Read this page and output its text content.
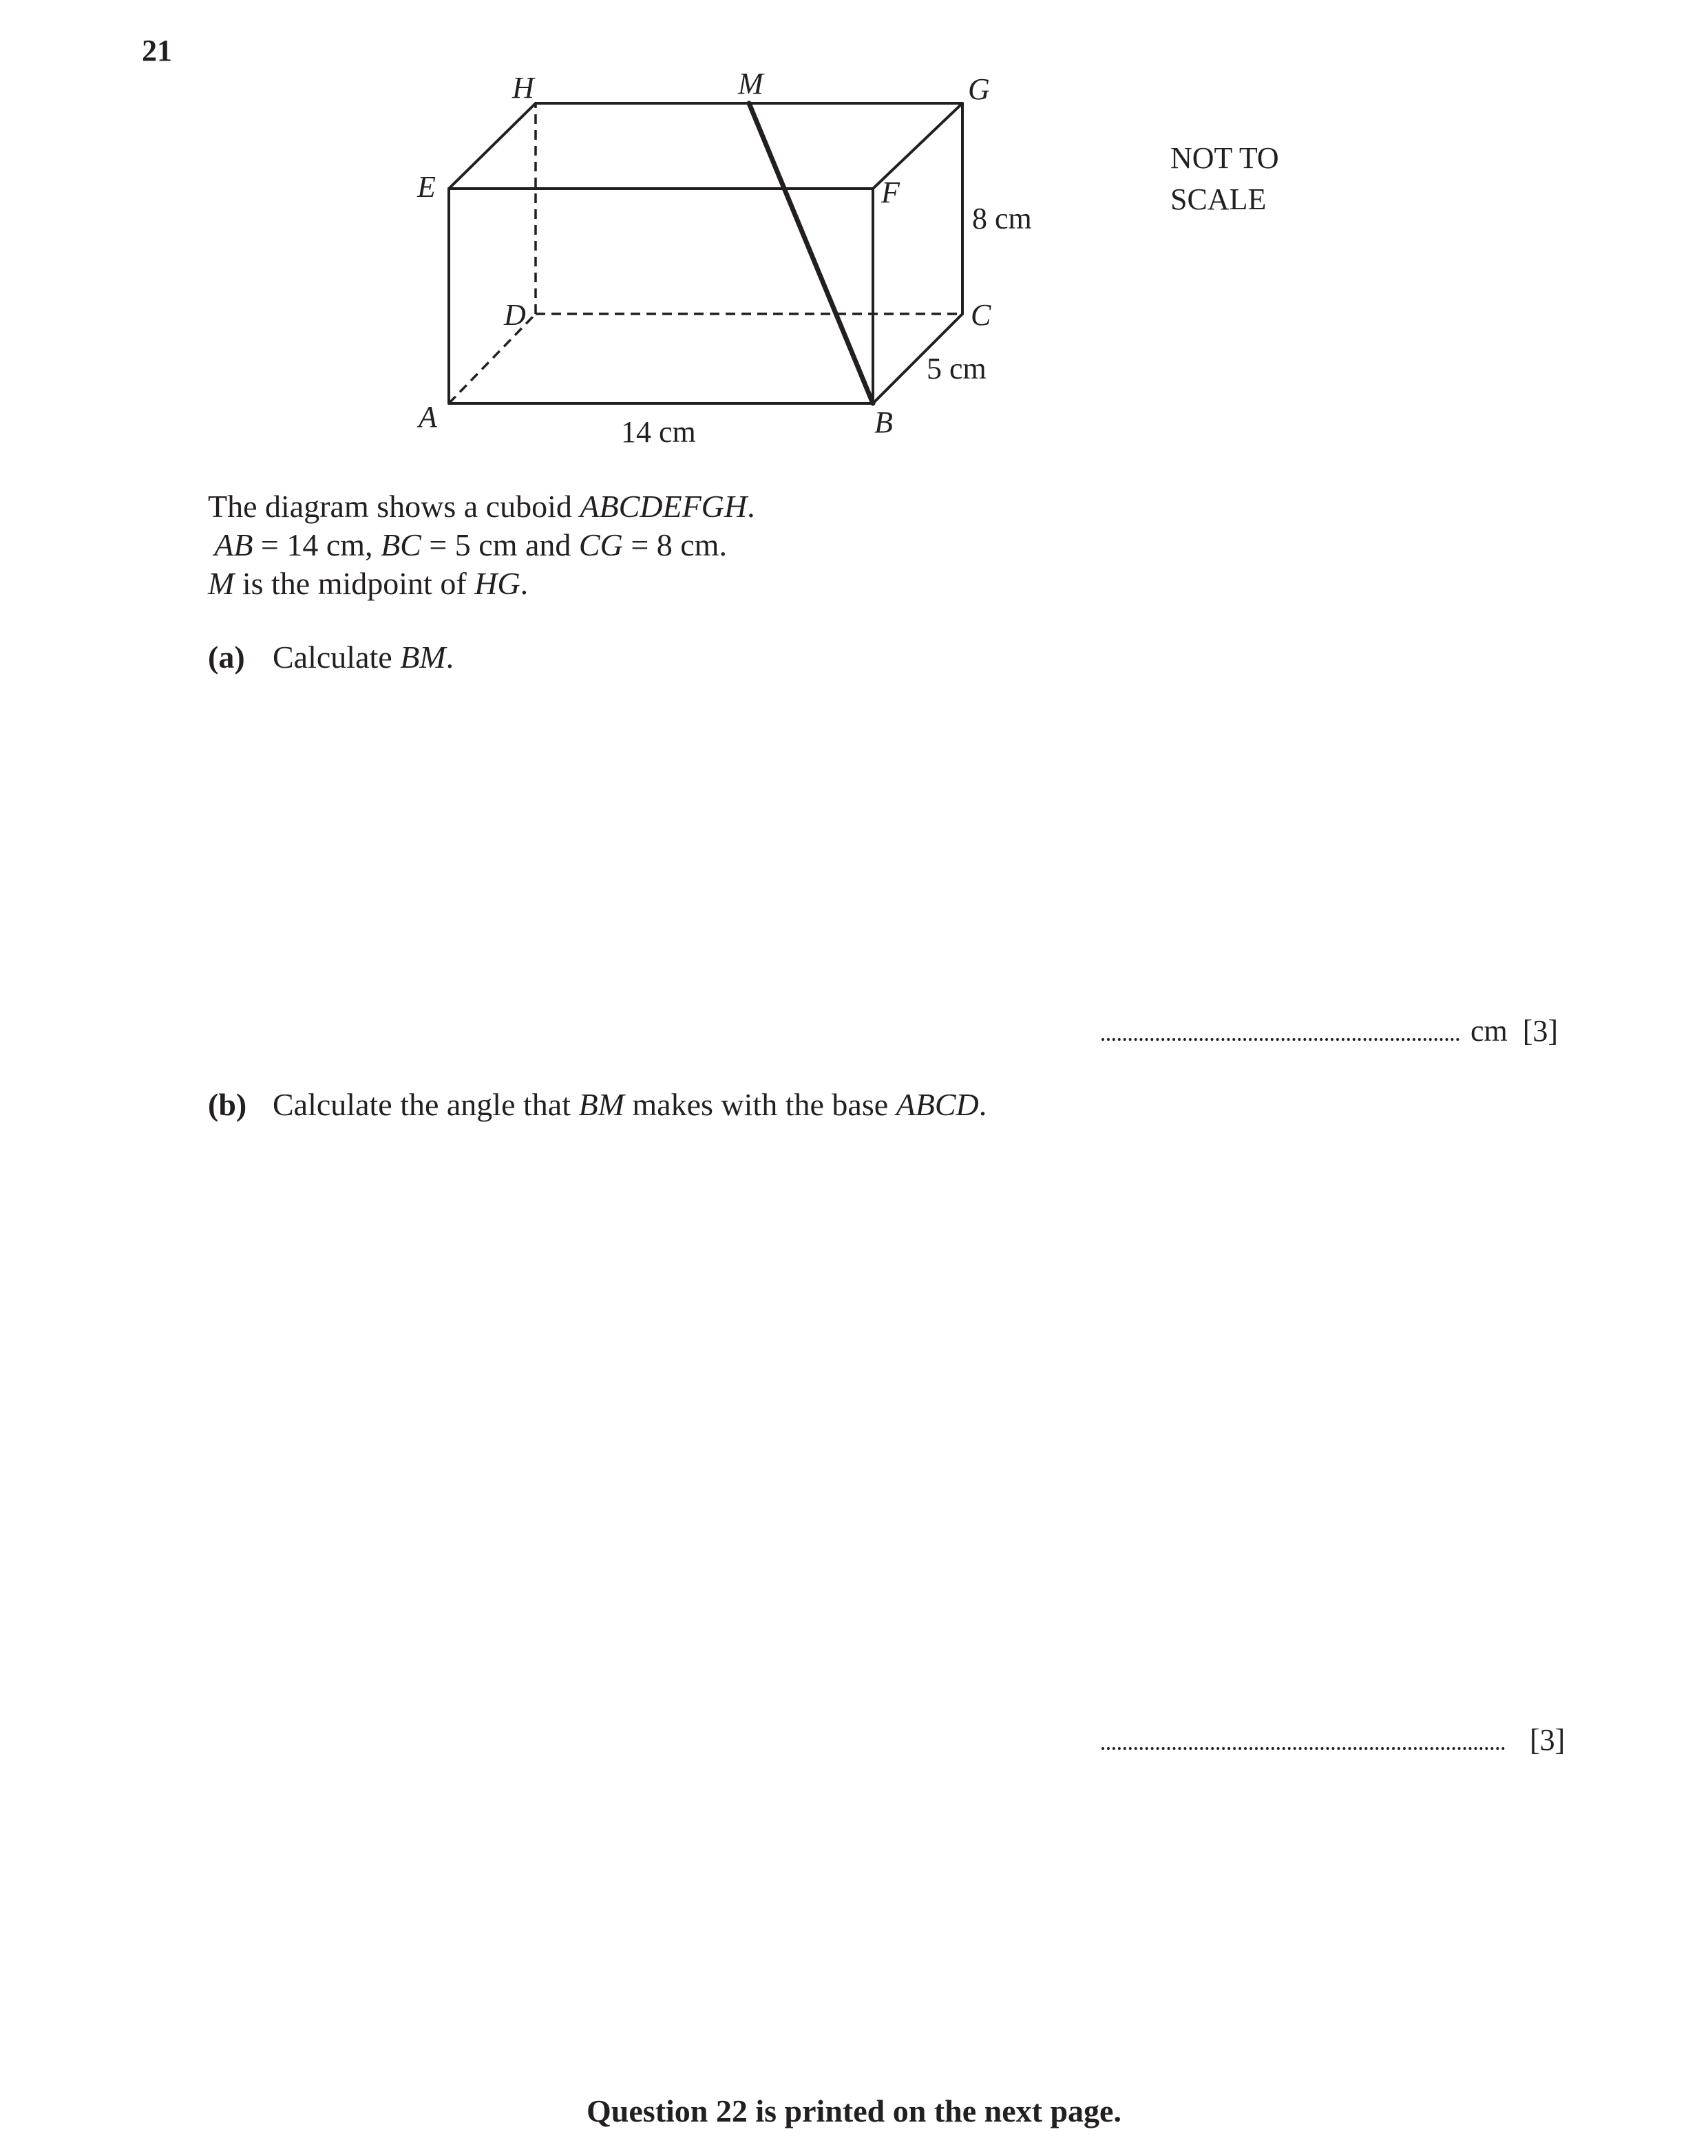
21
H	M	G
E	F
D	C
A	B
8 cm
5 cm
14 cm
NOT TO
SCALE
The diagram shows a cuboid ABCDEFGH.
 AB = 14 cm, BC = 5 cm and CG = 8 cm.
M is the midpoint of HG.
(a) Calculate BM.
cm [3]
(b) Calculate the angle that BM makes with the base ABCD.
[3]
Question 22 is printed on the next page.
